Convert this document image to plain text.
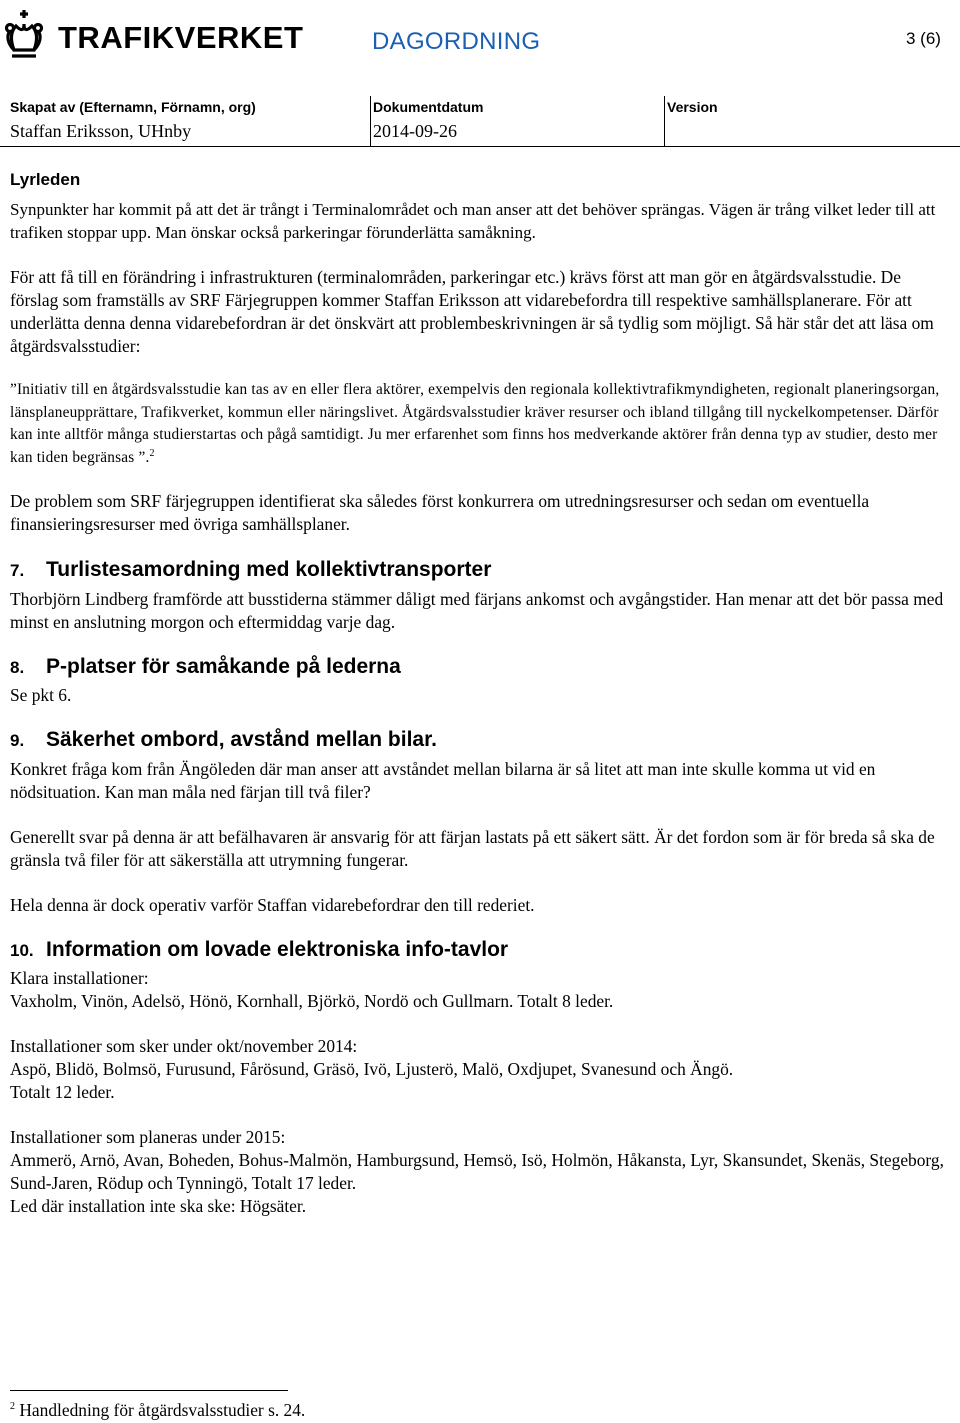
TRAFIKVERKET	DAGORDNING	3 (6)
Skapat av (Efternamn, Förnamn, org)
Staffan Eriksson, UHnby
Dokumentdatum
2014-09-26
Version
Lyrleden

Synpunkter har kommit på att det är trångt i Terminalområdet och man anser att det behöver sprängas. Vägen är trång vilket leder till att trafiken stoppar upp. Man önskar också parkeringar förunderlätta samåkning.

För att få till en förändring i infrastrukturen (terminalområden, parkeringar etc.) krävs först att man gör en åtgärdsvalsstudie. De förslag som framställs av SRF Färjegruppen kommer Staffan Eriksson att vidarebefordra till respektive samhällsplanerare. För att underlätta denna denna vidarebefordran är det önskvärt att problembeskrivningen är så tydlig som möjligt. Så här står det att läsa om åtgärdsvalsstudier:

”Initiativ till en åtgärdsvalsstudie kan tas av en eller flera aktörer, exempelvis den regionala kollektivtrafikmyndigheten, regionalt planeringsorgan, länsplaneupprättare, Trafikverket, kommun eller näringslivet. Åtgärdsvalsstudier kräver resurser och ibland tillgång till nyckelkompetenser. Därför kan inte alltför många studierstartas och pågå samtidigt. Ju mer erfarenhet som finns hos medverkande aktörer från denna typ av studier, desto mer kan tiden begränsas ”.$^2$

De problem som SRF färjegruppen identifierat ska således först konkurrera om utredningsresurser och sedan om eventuella finansieringsresurser med övriga samhällsplaner.

7.	Turlistesamordning med kollektivtransporter

Thorbjörn Lindberg framförde att busstiderna stämmer dåligt med färjans ankomst och avgångstider. Han menar att det bör passa med minst en anslutning morgon och eftermiddag varje dag.

8.	P-platser för samåkande på lederna

Se pkt 6.

9.	Säkerhet ombord, avstånd mellan bilar.

Konkret fråga kom från Ängöleden där man anser att avståndet mellan bilarna är så litet att man inte skulle komma ut vid en nödsituation. Kan man måla ned färjan till två filer?

Generellt svar på denna är att befälhavaren är ansvarig för att färjan lastats på ett säkert sätt. Är det fordon som är för breda så ska de gränsla två filer för att säkerställa att utrymning fungerar.

Hela denna är dock operativ varför Staffan vidarebefordrar den till rederiet.

10. Information om lovade elektroniska info-tavlor

Klara installationer:

Vaxholm, Vinön, Adelsö, Hönö, Kornhall, Björkö, Nordö och Gullmarn. Totalt 8 leder.

Installationer som sker under okt/november 2014:

Aspö, Blidö, Bolmsö, Furusund, Fårösund, Gräsö, Ivö, Ljusterö, Malö, Oxdjupet, Svanesund och Ängö.

Totalt 12 leder.

Installationer som planeras under 2015:

Ammerö, Arnö, Avan, Boheden, Bohus-Malmön, Hamburgsund, Hemsö, Isö, Holmön, Håkansta, Lyr, Skansundet, Skenäs, Stegeborg, Sund-Jaren, Rödup och Tynningö, Totalt 17 leder.

Led där installation inte ska ske: Högsäter.

$^2$ Handledning för åtgärdsvalsstudier s. 24.
